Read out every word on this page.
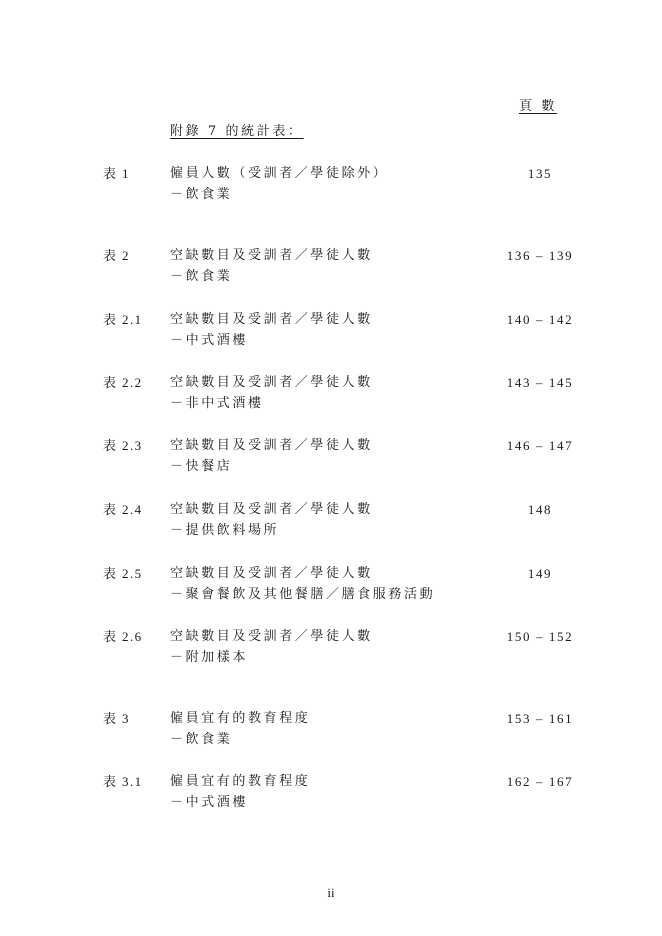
頁 數
附錄 7 的統計表：
表 1	僱員人數（受訓者／學徒除外）
－飲食業
135
表 2	空缺數目及受訓者／學徒人數
－飲食業
136 – 139
表 2.1 空缺數目及受訓者／學徒人數
－中式酒樓
140 – 142
表 2.2 空缺數目及受訓者／學徒人數
－非中式酒樓
143 – 145
表 2.3 空缺數目及受訓者／學徒人數
－快餐店
146 – 147
表 2.4 空缺數目及受訓者／學徒人數
－提供飲料場所
148
表 2.5 空缺數目及受訓者／學徒人數
－聚會餐飲及其他餐膳／膳食服務活動
149
表 2.6 空缺數目及受訓者／學徒人數
－附加樣本
150 – 152
表 3	僱員宜有的教育程度
－飲食業
153 – 161
表 3.1 僱員宜有的教育程度
－中式酒樓
162 – 167
ii
